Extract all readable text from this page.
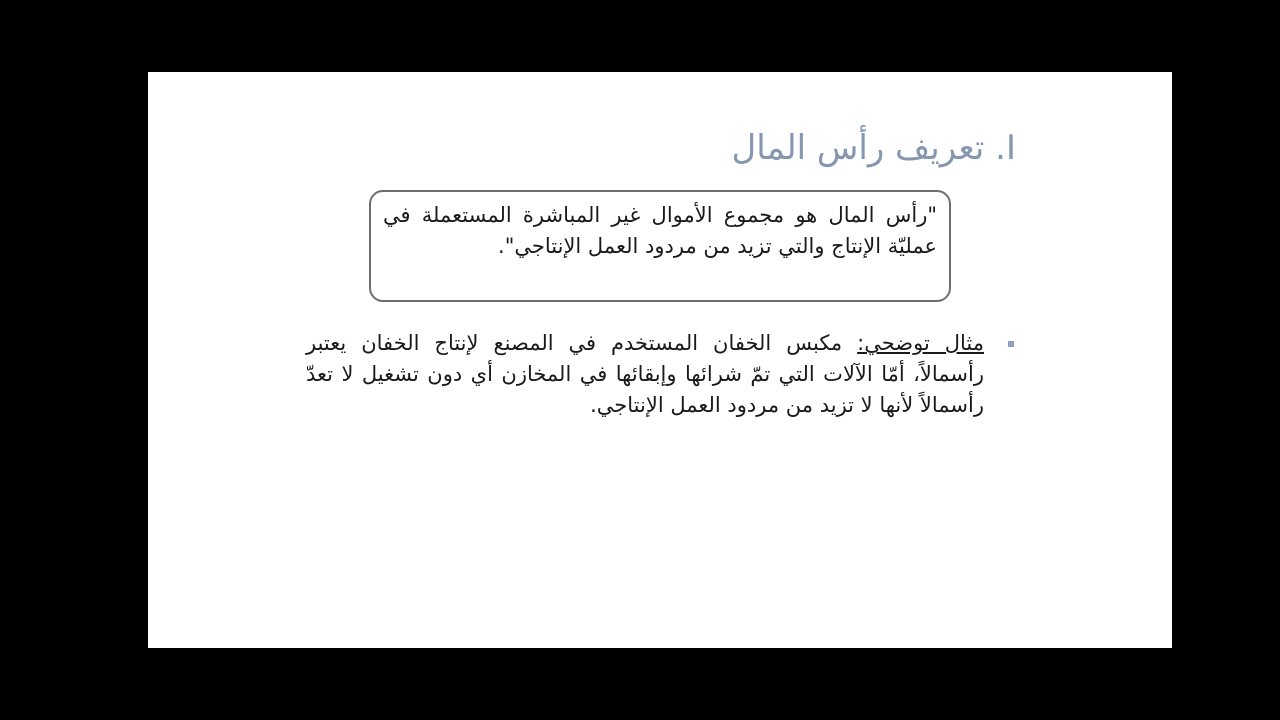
I. تعريف رأس المال
"رأس المال هو مجموع الأموال غير المباشرة المستعملة في عمليّة الإنتاج والتي تزيد من مردود العمل الإنتاجي".
مثال توضحي: مكبس الخفان المستخدم في المصنع لإنتاج الخفان يعتبر رأسمالاً، أمّا الآلات التي تمّ شرائها وإبقائها في المخازن أي دون تشغيل لا تعدّ رأسمالاً لأنها لا تزيد من مردود العمل الإنتاجي.
